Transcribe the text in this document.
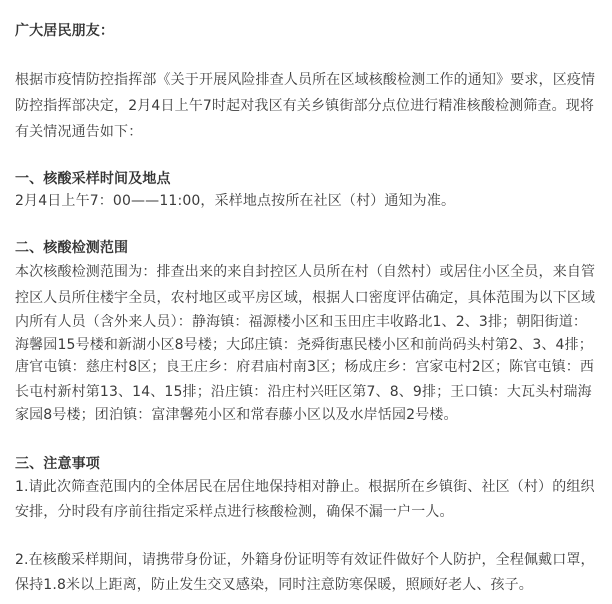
广大居民朋友：
根据市疫情防控指挥部《关于开展风险排查人员所在区域核酸检测工作的通知》要求，区疫情
防控指挥部决定，2月4日上午7时起对我区有关乡镇街部分点位进行精准核酸检测筛查。现将
有关情况通告如下：
一、核酸采样时间及地点
2月4日上午7：00——11:00，采样地点按所在社区（村）通知为准。
二、核酸检测范围
本次核酸检测范围为：排查出来的来自封控区人员所在村（自然村）或居住小区全员，来自管
控区人员所住楼宇全员，农村地区或平房区域，根据人口密度评估确定，具体范围为以下区域
内所有人员（含外来人员）：静海镇：福源楼小区和玉田庄丰收路北1、2、3排；朝阳街道：
海馨园15号楼和新湖小区8号楼；大邱庄镇：尧舜街惠民楼小区和前尚码头村第2、3、4排；
唐官屯镇：慈庄村8区；良王庄乡：府君庙村南3区；杨成庄乡：宫家屯村2区；陈官屯镇：西
长屯村新村第13、14、15排；沿庄镇：沿庄村兴旺区第7、8、9排；王口镇：大瓦头村瑞海
家园8号楼；团泊镇：富津馨苑小区和常春藤小区以及水岸恬园2号楼。
三、注意事项
1.请此次筛查范围内的全体居民在居住地保持相对静止。根据所在乡镇街、社区（村）的组织
安排，分时段有序前往指定采样点进行核酸检测，确保不漏一户一人。
2.在核酸采样期间，请携带身份证，外籍身份证明等有效证件做好个人防护，全程佩戴口罩，
保持1.8米以上距离，防止发生交叉感染，同时注意防寒保暖，照顾好老人、孩子。
